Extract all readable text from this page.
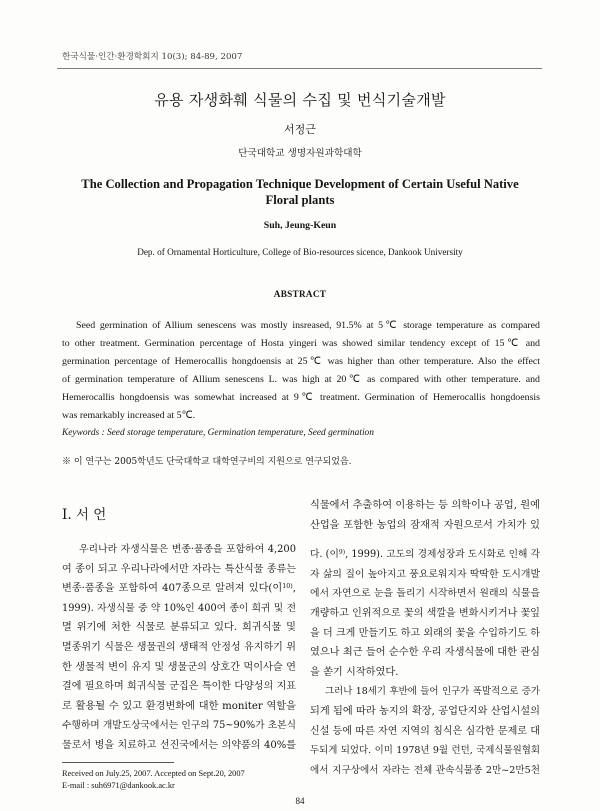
한국식물·인간·환경학회지 10(3); 84-89, 2007
유용 자생화훼 식물의 수집 및 번식기술개발
서정근
단국대학교 생명자원과학대학
The Collection and Propagation Technique Development of Certain Useful Native
Floral plants
Suh, Jeung-Keun
Dep. of Ornamental Horticulture, College of Bio-resources sicence, Dankook University
ABSTRACT
Seed germination of Allium senescens was mostly insreased, 91.5% at 5℃ storage temperature as compared
to other treatment. Germination percentage of Hosta yingeri was showed similar tendency except of 15℃ and
germination percentage of Hemerocallis hongdoensis at 25℃ was higher than other temperature. Also the effect
of germination temperature of Allium senescens L. was high at 20℃ as compared with other temperature. and
Hemerocallis hongdoensis was somewhat increased at 9℃ treatment. Germination of Hemerocallis hongdoensis
was remarkably increased at 5℃.
Keywords : Seed storage temperature, Germination temperature, Seed germination
※ 이 연구는 2005학년도 단국대학교 대학연구비의 지원으로 연구되었음.
Ⅰ. 서 언
우리나라 자생식물은 변종·품종을 포함하여 4,200
여 종이 되고 우리나라에서만 자라는 특산식물 종류는
변종·품종을 포함하여 407종으로 알려져 있다(이$^{10)}$,
1999). 자생식물 중 약 10%인 400여 종이 희귀 및 전
멸 위기에 처한 식물로 분류되고 있다. 희귀식물 및
멸종위기 식물은 생물권의 생태적 안정성 유지하기 위
한 생물적 변이 유지 및 생물군의 상호간 먹이사슬 연
결에 필요하며 희귀식물 군집은 특이한 다양성의 지표
로 활용될 수 있고 환경변화에 대한 moniter 역할을
수행하며 개발도상국에서는 인구의 75~90%가 초본식
물로서 병을 치료하고 선진국에서는 의약품의 40%를
식물에서 추출하여 이용하는 등 의학이나 공업, 원예
산업을 포함한 농업의 잠재적 자원으로서 가치가 있
다. (이$^{9)}$, 1999). 고도의 경제성장과 도시화로 인해 각
자 삶의 질이 높아지고 풍요로워지자 딱딱한 도시개발
에서 자연으로 눈을 돌리기 시작하면서 원래의 식물을
개량하고 인위적으로 꽃의 색깔을 변화시키거나 꽃잎
을 더 크게 만들기도 하고 외래의 꽃을 수입하기도 하
였으나 최근 들어 순수한 우리 자생식물에 대한 관심
을 쏟기 시작하였다.
그러나 18세기 후반에 들어 인구가 폭발적으로 증가
되게 됨에 따라 농지의 확장, 공업단지와 산업시설의
신설 등에 따른 자연 지역의 침식은 심각한 문제로 대
두되게 되었다. 이미 1978년 9월 런던, 국제식물원협회
에서 지구상에서 자라는 전체 관속식물종 2만~2만5천
Received on July.25, 2007. Accepted on Sept.20, 2007
E-mail : suh6971@dankook.ac.kr
84
